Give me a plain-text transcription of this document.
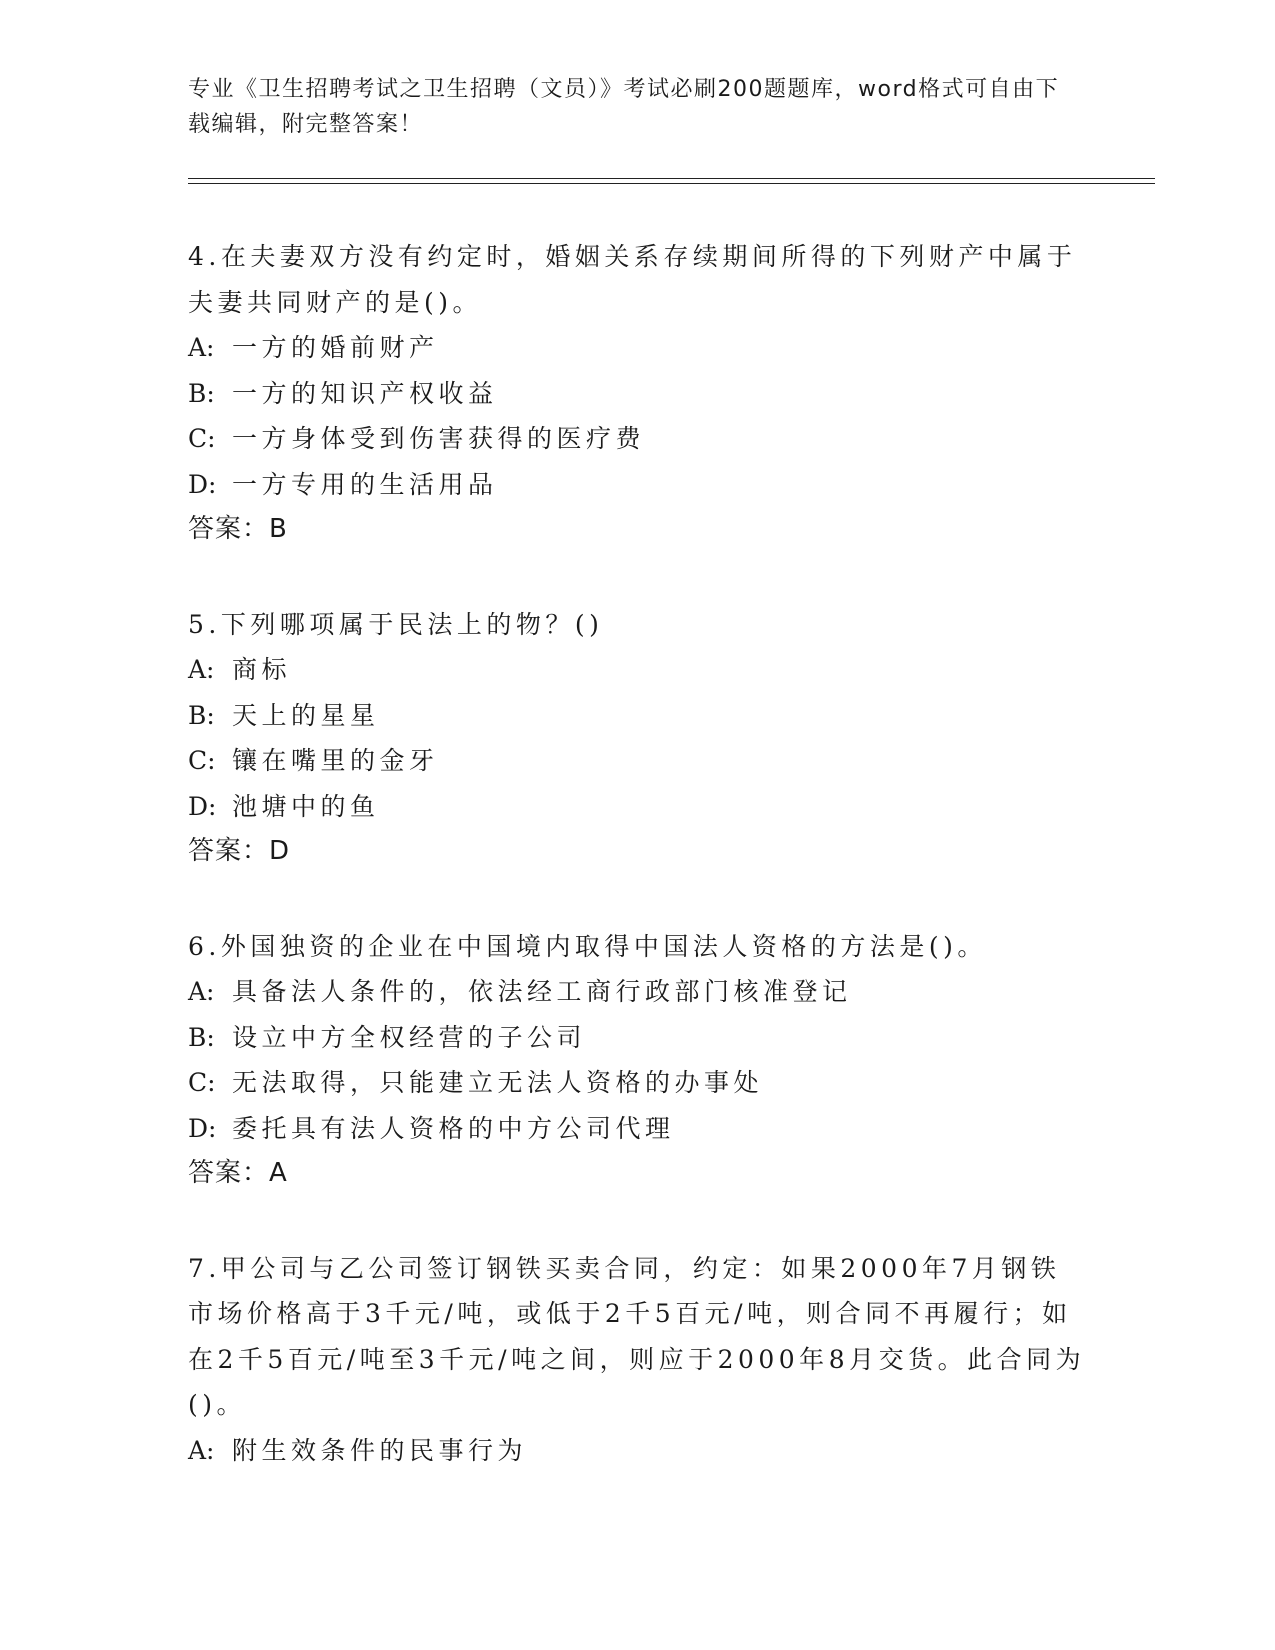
专业《卫生招聘考试之卫生招聘（文员）》考试必刷200题题库，word格式可自由下载编辑，附完整答案！
4.在夫妻双方没有约定时，婚姻关系存续期间所得的下列财产中属于夫妻共同财产的是()。
A: 一方的婚前财产
B: 一方的知识产权收益
C: 一方身体受到伤害获得的医疗费
D: 一方专用的生活用品
答案：B
5.下列哪项属于民法上的物？()
A: 商标
B: 天上的星星
C: 镶在嘴里的金牙
D: 池塘中的鱼
答案：D
6.外国独资的企业在中国境内取得中国法人资格的方法是()。
A: 具备法人条件的，依法经工商行政部门核准登记
B: 设立中方全权经营的子公司
C: 无法取得，只能建立无法人资格的办事处
D: 委托具有法人资格的中方公司代理
答案：A
7.甲公司与乙公司签订钢铁买卖合同，约定：如果2000年7月钢铁市场价格高于3千元/吨，或低于2千5百元/吨，则合同不再履行；如在2千5百元/吨至3千元/吨之间，则应于2000年8月交货。此合同为()。
A: 附生效条件的民事行为
